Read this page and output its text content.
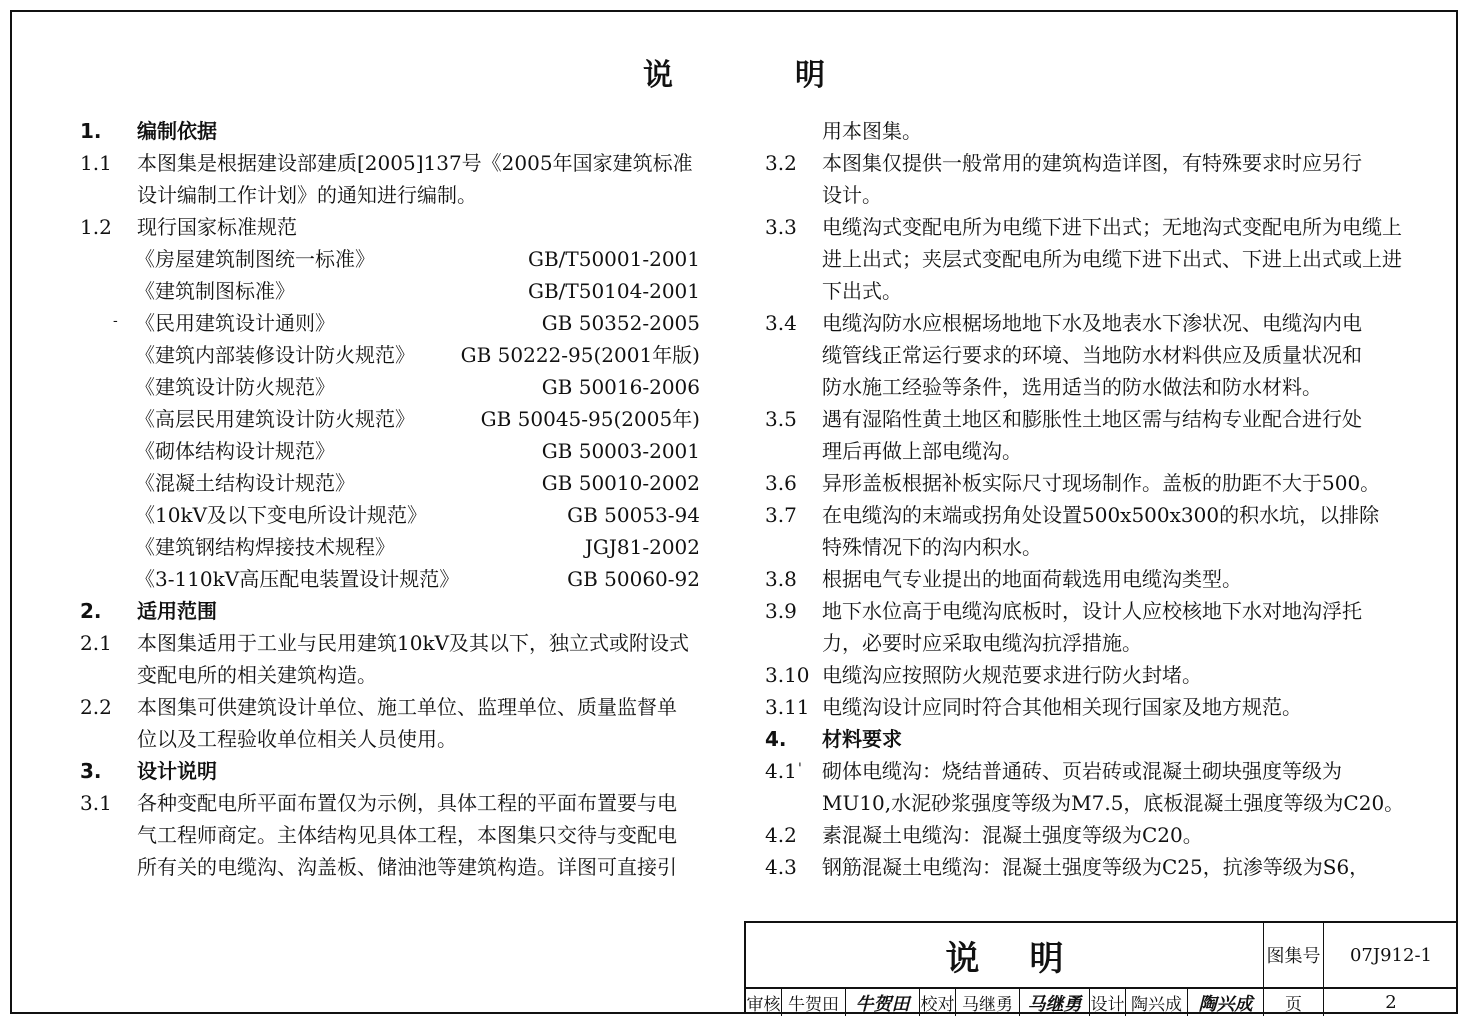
说	明
1.	编制依据
1.1	本图集是根据建设部建质[2005]137号《2005年国家建筑标准
设计编制工作计划》的通知进行编制。
1.2	现行国家标准规范
《房屋建筑制图统一标准》	GB/T50001-2001
《建筑制图标准》	GB/T50104-2001
- 《民用建筑设计通则》	GB 50352-2005
《建筑内部装修设计防火规范》 GB 50222-95(2001年版)
《建筑设计防火规范》	GB 50016-2006
《高层民用建筑设计防火规范》	GB 50045-95(2005年)
《砌体结构设计规范》	GB 50003-2001
《混凝土结构设计规范》	GB 50010-2002
《10kV及以下变电所设计规范》	GB 50053-94
《建筑钢结构焊接技术规程》	JGJ81-2002
《3-110kV高压配电装置设计规范》	GB 50060-92
2.	适用范围
2.1	本图集适用于工业与民用建筑10kV及其以下，独立式或附设式
变配电所的相关建筑构造。
2.2	本图集可供建筑设计单位、施工单位、监理单位、质量监督单
位以及工程验收单位相关人员使用。
3.	设计说明
3.1	各种变配电所平面布置仅为示例，具体工程的平面布置要与电
气工程师商定。主体结构见具体工程，本图集只交待与变配电
所有关的电缆沟、沟盖板、储油池等建筑构造。详图可直接引
用本图集。
3.2	本图集仅提供一般常用的建筑构造详图，有特殊要求时应另行
设计。
3.3	电缆沟式变配电所为电缆下进下出式；无地沟式变配电所为电缆上
进上出式；夹层式变配电所为电缆下进下出式、下进上出式或上进
下出式。
3.4	电缆沟防水应根椐场地地下水及地表水下渗状况、电缆沟内电
缆管线正常运行要求的环境、当地防水材料供应及质量状况和
防水施工经验等条件，选用适当的防水做法和防水材料。
3.5	遇有湿陷性黄土地区和膨胀性土地区需与结构专业配合进行处
理后再做上部电缆沟。
3.6	异形盖板根据补板实际尺寸现场制作。盖板的肋距不大于500。
3.7	在电缆沟的末端或拐角处设置500x500x300的积水坑，以排除
特殊情况下的沟内积水。
3.8	根据电气专业提出的地面荷载选用电缆沟类型。
3.9	地下水位高于电缆沟底板时，设计人应校核地下水对地沟浮托
力，必要时应采取电缆沟抗浮措施。
3.10 电缆沟应按照防火规范要求进行防火封堵。
3.11 电缆沟设计应同时符合其他相关现行国家及地方规范。
4.	材料要求
'
4.1	砌体电缆沟：烧结普通砖、页岩砖或混凝土砌块强度等级为
MU10,水泥砂浆强度等级为M7.5，底板混凝土强度等级为C20。
4.2	素混凝土电缆沟：混凝土强度等级为C20。
4.3	钢筋混凝土电缆沟：混凝土强度等级为C25，抗渗等级为S6，
说 明	图集号	07J912-1
审核 牛贺田 牛贺田 校对 马继勇 马继勇 设计 陶兴成 陶兴成	页	2
